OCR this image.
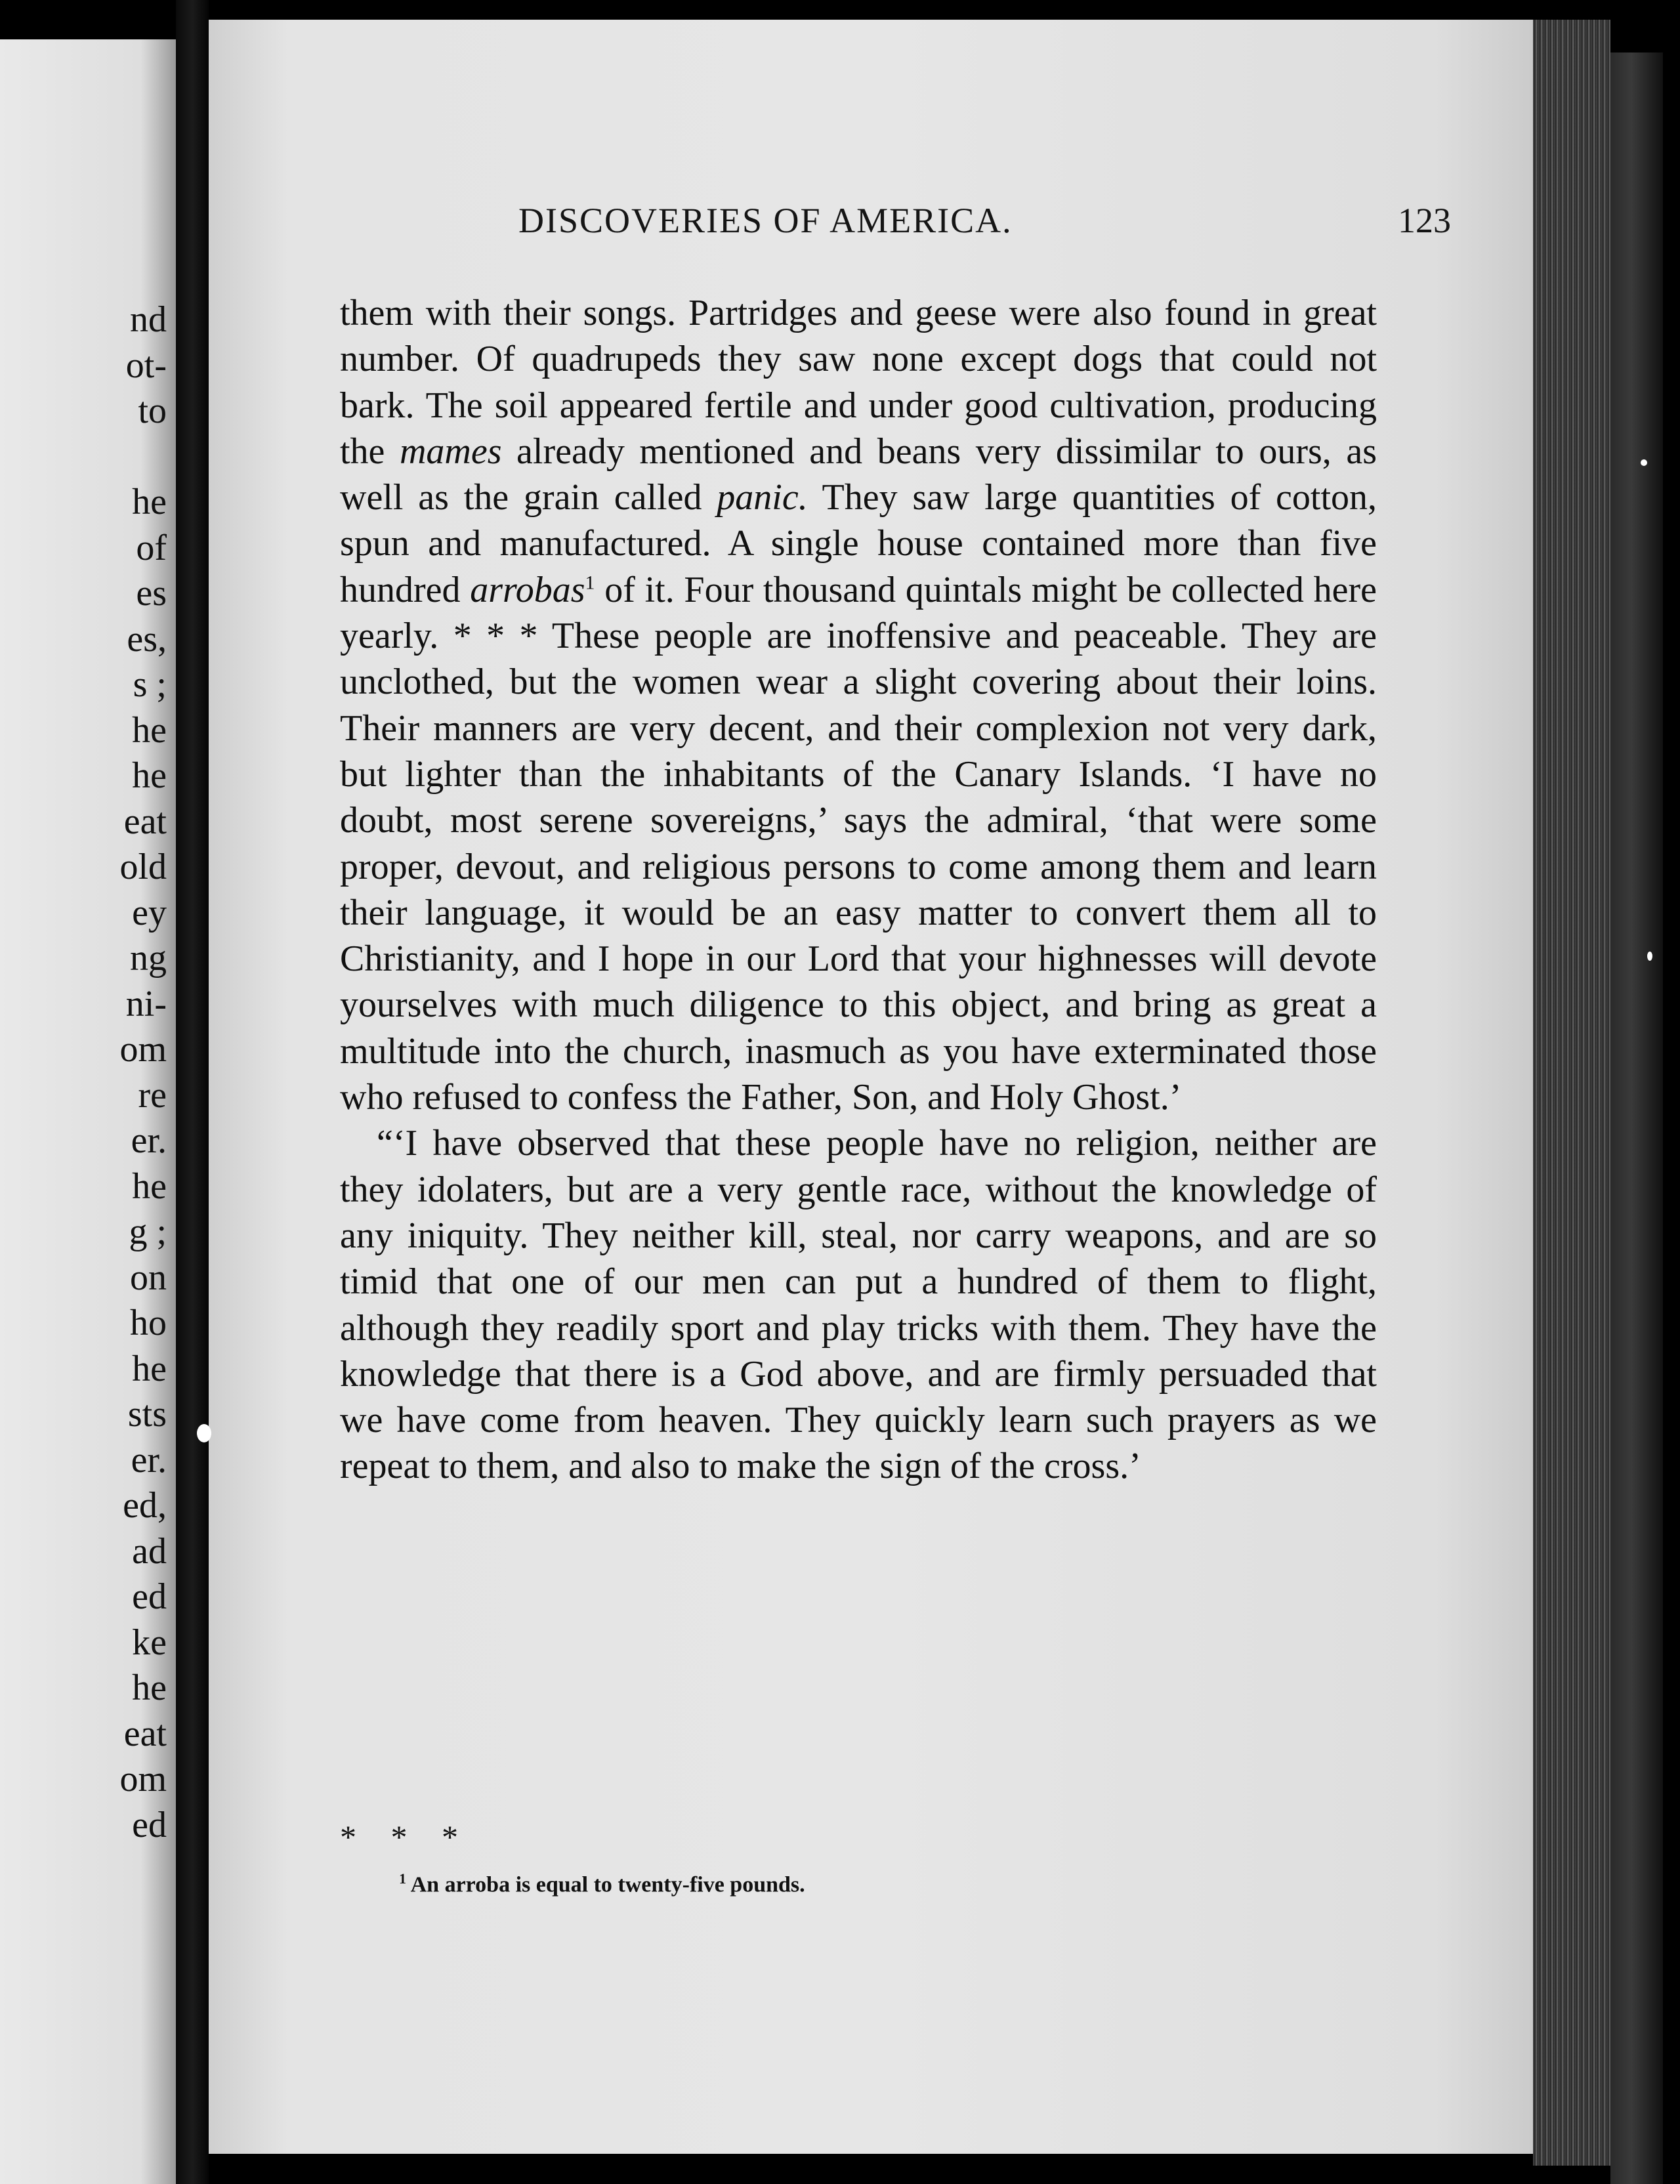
nd
ot-
to
he
of
es
es,
s ;
he
he
eat
old
ey
ng
ni-
om
re
er.
he
g ;
on
ho
he
sts
er.
ed,
ad
ed
ke
he
eat
om
ed
DISCOVERIES OF AMERICA.	123

them with their songs. Partridges and geese were also found in great number. Of quadrupeds they saw none except dogs that could not bark. The soil appeared fertile and under good cultivation, producing the mames already mentioned and beans very dissimilar to ours, as well as the grain called panic. They saw large quantities of cotton, spun and manufactured. A single house contained more than five hundred arrobas$^1$ of it. Four thousand quintals might be collected here yearly. * * * These people are inoffensive and peaceable. They are unclothed, but the women wear a slight covering about their loins. Their manners are very decent, and their complexion not very dark, but lighter than the inhabitants of the Canary Islands. ‘I have no doubt, most serene sovereigns,’ says the admiral, ‘that were some proper, devout, and religious persons to come among them and learn their language, it would be an easy matter to convert them all to Christianity, and I hope in our Lord that your highnesses will devote yourselves with much diligence to this object, and bring as great a multitude into the church, inasmuch as you have exterminated those who refused to confess the Father, Son, and Holy Ghost.’

“‘I have observed that these people have no religion, neither are they idolaters, but are a very gentle race, without the knowledge of any iniquity. They neither kill, steal, nor carry weapons, and are so timid that one of our men can put a hundred of them to flight, although they readily sport and play tricks with them. They have the knowledge that there is a God above, and are firmly persuaded that we have come from heaven. They quickly learn such prayers as we repeat to them, and also to make the sign of the cross.’

* * *
$^1$ An arroba is equal to twenty-five pounds.
